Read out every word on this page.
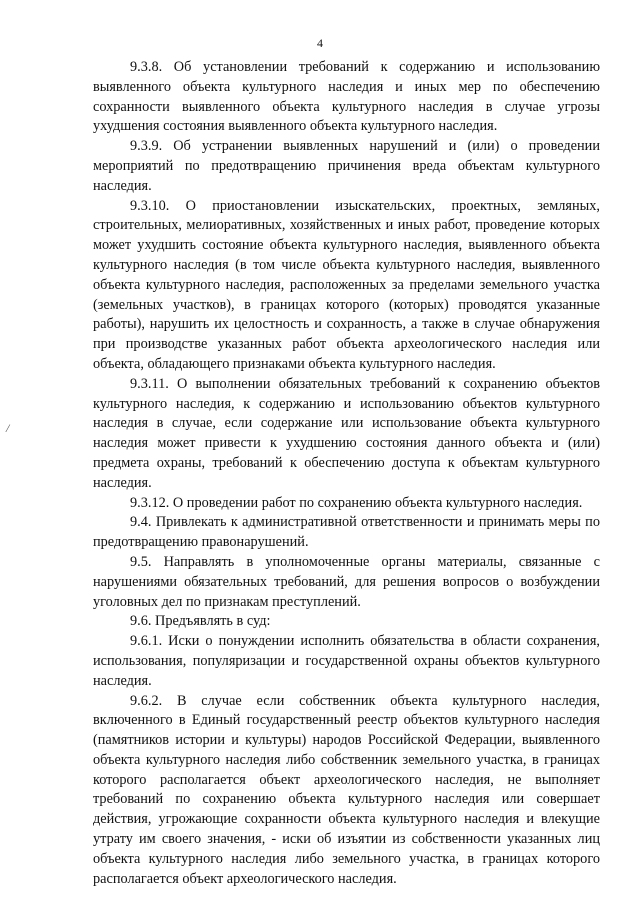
4
/​

9.3.8. Об установлении требований к содержанию и использованию выявленного объекта культурного наследия и иных мер по обеспечению сохранности выявленного объекта культурного наследия в случае угрозы ухудшения состояния выявленного объекта культурного наследия.

9.3.9. Об устранении выявленных нарушений и (или) о проведении мероприятий по предотвращению причинения вреда объектам культурного наследия.

9.3.10. О приостановлении изыскательских, проектных, земляных, строительных, мелиоративных, хозяйственных и иных работ, проведение которых может ухудшить состояние объекта культурного наследия, выявленного объекта культурного наследия (в том числе объекта культурного наследия, выявленного объекта культурного наследия, расположенных за пределами земельного участка (земельных участков), в границах которого (которых) проводятся указанные работы), нарушить их целостность и сохранность, а также в случае обнаружения при производстве указанных работ объекта археологического наследия или объекта, обладающего признаками объекта культурного наследия.

9.3.11. О выполнении обязательных требований к сохранению объектов культурного наследия, к содержанию и использованию объектов культурного наследия в случае, если содержание или использование объекта культурного наследия может привести к ухудшению состояния данного объекта и (или) предмета охраны, требований к обеспечению доступа к объектам культурного наследия.

9.3.12. О проведении работ по сохранению объекта культурного наследия.

9.4. Привлекать к административной ответственности и принимать меры по предотвращению правонарушений.

9.5. Направлять в уполномоченные органы материалы, связанные с нарушениями обязательных требований, для решения вопросов о возбуждении уголовных дел по признакам преступлений.

9.6. Предъявлять в суд:

9.6.1. Иски о понуждении исполнить обязательства в области сохранения, использования, популяризации и государственной охраны объектов культурного наследия.

9.6.2. В случае если собственник объекта культурного наследия, включенного в Единый государственный реестр объектов культурного наследия (памятников истории и культуры) народов Российской Федерации, выявленного объекта культурного наследия либо собственник земельного участка, в границах которого располагается объект археологического наследия, не выполняет требований по сохранению объекта культурного наследия или совершает действия, угрожающие сохранности объекта культурного наследия и влекущие утрату им своего значения, - иски об изъятии из собственности указанных лиц объекта культурного наследия либо земельного участка, в границах которого располагается объект археологического наследия.
